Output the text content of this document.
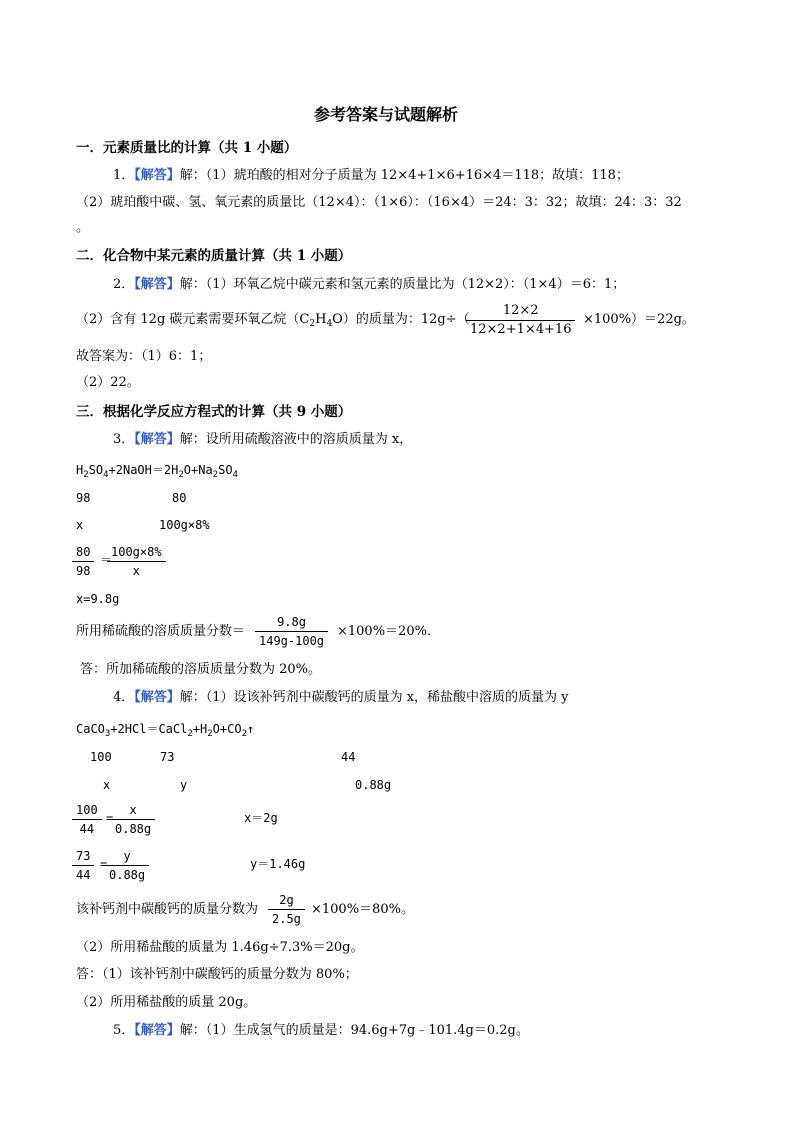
参考答案与试题解析
一．元素质量比的计算（共 1 小题）
1．【解答】解：（1）琥珀酸的相对分子质量为 12×4+1×6+16×4＝118；故填：118；
（2）琥珀酸中碳、氢、氧元素的质量比（12×4）：（1×6）：（16×4）＝24：3：32；故填：24：3：32
。
二．化合物中某元素的质量计算（共 1 小题）
2．【解答】解：（1）环氧乙烷中碳元素和氢元素的质量比为（12×2）：（1×4）＝6：1；
（2）含有 12g 碳元素需要环氧乙烷$(C_2H_4O)$的质量为：12g÷（
$\frac{12\times 2}{12\times 2+1\times 4+16} \times 100\%)=22g$。
故答案为：（1）6：1；
（2）22。
三．根据化学反应方程式的计算（共 9 小题）
3．【解答】解：设所用硫酸溶液中的溶质质量为 x，
$H_2SO_4+2NaOH=2H_2O+Na_2SO_4$
98	80
x	100g×8%
$\frac{80}{98}$ ＝
$\frac{100g\times 8\%}{x}$
x=9.8g
所用稀硫酸的溶质质量分数＝ $\frac{9.8g}{149g-100g} \times 100\%=20\%$.
答：所加稀硫酸的溶质质量分数为 20%。
4．【解答】解：（1）设该补钙剂中碳酸钙的质量为 x，稀盐酸中溶质的质量为 y
$CaCO_3+2HCl=CaCl_2+H_2O+CO_2↑$
100	73	44
x	y	0.88g
$\frac{100}{44}$ =
$\frac{x}{0.88g}$	x＝2g
$\frac{73}{44}$ =
$\frac{y}{0.88g}$	y＝1.46g
该补钙剂中碳酸钙的质量分数为 $\frac{2g}{2.5g} \times 100\%=80\%$。
（2）所用稀盐酸的质量为 1.46g÷7.3%＝20g。
答：（1）该补钙剂中碳酸钙的质量分数为 80%；
（2）所用稀盐酸的质量 20g。
5．【解答】解：（1）生成氢气的质量是：94.6g+7g﹣101.4g＝0.2g。
